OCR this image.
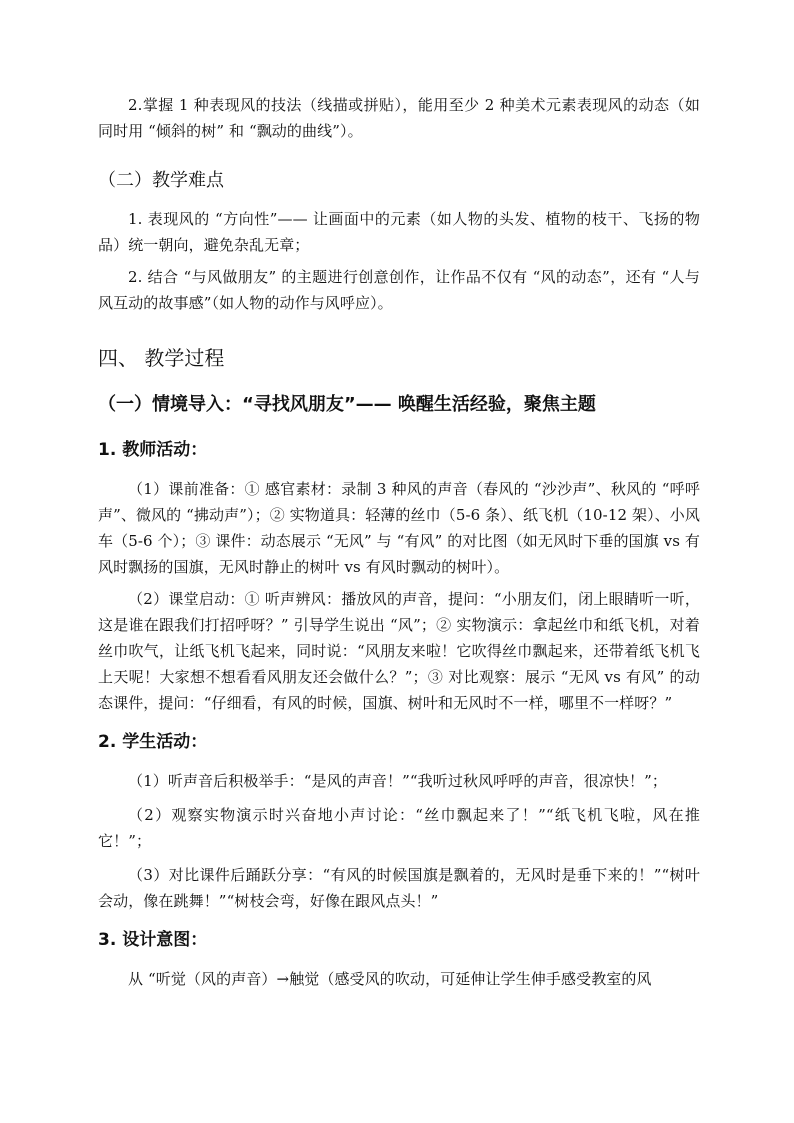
2.掌握 1 种表现风的技法（线描或拼贴），能用至少 2 种美术元素表现风的动态（如同时用 “倾斜的树” 和 “飘动的曲线”）。

（二）教学难点

1. 表现风的 “方向性”—— 让画面中的元素（如人物的头发、植物的枝干、飞扬的物品）统一朝向，避免杂乱无章；

2. 结合 “与风做朋友” 的主题进行创意创作，让作品不仅有 “风的动态”，还有 “人与风互动的故事感”（如人物的动作与风呼应）。

四、 教学过程

（一）情境导入：“寻找风朋友”—— 唤醒生活经验，聚焦主题

1. 教师活动：

（1）课前准备：① 感官素材：录制 3 种风的声音（春风的 “沙沙声”、秋风的 “呼呼声”、微风的 “拂动声”）；② 实物道具：轻薄的丝巾（5-6 条）、纸飞机（10-12 架）、小风车（5-6 个）；③ 课件：动态展示 “无风” 与 “有风” 的对比图（如无风时下垂的国旗 vs 有风时飘扬的国旗，无风时静止的树叶 vs 有风时飘动的树叶）。

（2）课堂启动：① 听声辨风：播放风的声音，提问：“小朋友们，闭上眼睛听一听，这是谁在跟我们打招呼呀？” 引导学生说出 “风”；② 实物演示：拿起丝巾和纸飞机，对着丝巾吹气，让纸飞机飞起来，同时说：“风朋友来啦！它吹得丝巾飘起来，还带着纸飞机飞上天呢！大家想不想看看风朋友还会做什么？”；③ 对比观察：展示 “无风 vs 有风” 的动态课件，提问：“仔细看，有风的时候，国旗、树叶和无风时不一样，哪里不一样呀？”

2. 学生活动：

（1）听声音后积极举手：“是风的声音！”“我听过秋风呼呼的声音，很凉快！”；

（2）观察实物演示时兴奋地小声讨论：“丝巾飘起来了！”“纸飞机飞啦，风在推它！”；

（3）对比课件后踊跃分享：“有风的时候国旗是飘着的，无风时是垂下来的！”“树叶会动，像在跳舞！”“树枝会弯，好像在跟风点头！”

3. 设计意图：

从 “听觉（风的声音）→触觉（感受风的吹动，可延伸让学生伸手感受教室的风
